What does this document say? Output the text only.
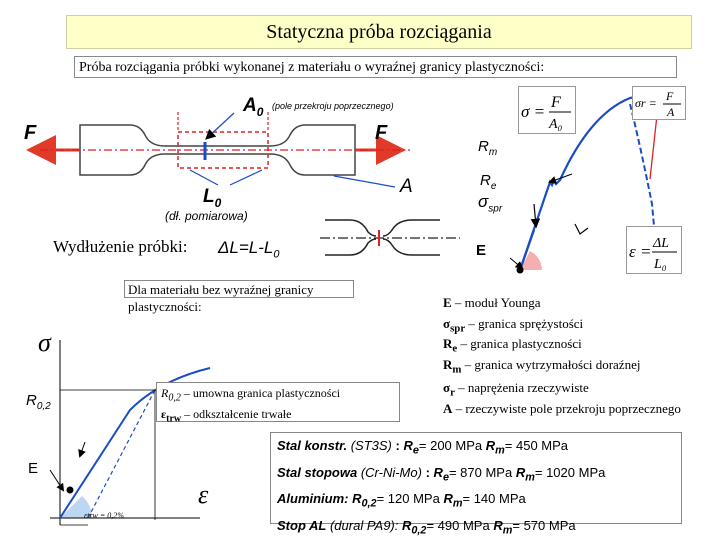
Statyczna próba rozciągania
Próba rozciągania próbki wykonanej z materiału o wyraźnej granicy plastyczności:
$A_0$ (pole przekroju poprzecznego)
F	F
$L_0$
(dł. pomiarowa)
A
Wydłużenie próbki: $\Delta L=L-L_0$
σ = F
A₀
σr = F
A
ε = ΔL
L₀
$R_m$
$R_e$
$\sigma_{spr}$
E
Dla materiału bez wyraźnej granicy plastyczności:
σ
$R_{0,2}$
E
ε
εtrw = 0,2%
$R_{0,2}$ – umowna granica plastyczności
$\varepsilon_{trw}$ – odkształcenie trwałe
E – moduł Younga
$\sigma_{spr}$ – granica sprężystości
$R_e$ – granica plastyczności
$R_m$ – granica wytrzymałości doraźnej
$\sigma_r$ – naprężenia rzeczywiste
A – rzeczywiste pole przekroju poprzecznego
Stal konstr. (ST3S) : $R_e= 200$ MPa $R_m= 450$ MPa
Stal stopowa (Cr-Ni-Mo) : $R_e= 870$ MPa $R_m= 1020$ MPa
Aluminium: $R_{0,2}= 120$ MPa $R_m= 140$ MPa
Stop AL (dural PA9): $R_{0,2}= 490$ MPa $R_m= 570$ MPa
